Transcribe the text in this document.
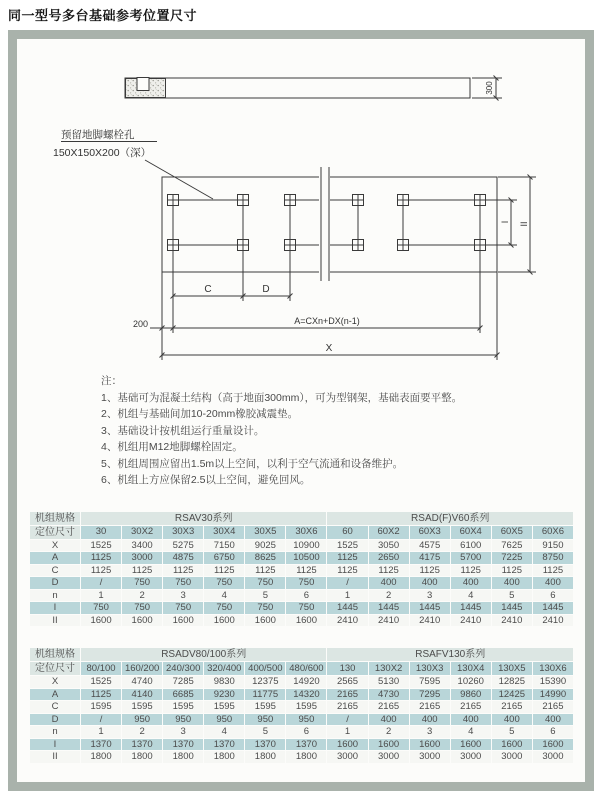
同一型号多台基础参考位置尺寸
300
预留地脚螺栓孔
150X150X200（深）
I II
C	D
200	A=CXn+DX(n-1)
X
注：
1、基础可为混凝土结构（高于地面300mm），可为型钢架，基础表面要平整。
2、机组与基础间加10-20mm橡胶减震垫。
3、基础设计按机组运行重量设计。
4、机组用M12地脚螺栓固定。
5、机组周围应留出1.5m以上空间，以利于空气流通和设备维护。
6、机组上方应保留2.5以上空间，避免回风。
机组规格	RSAV30系列						RSAD(F)V60系列					
定位尺寸	30	30X2	30X3	30X4	30X5	30X6	60	60X2	60X3	60X4	60X5	60X6
X	1525	3400	5275	7150	9025	10900	1525	3050	4575	6100	7625	9150
A	1125	3000	4875	6750	8625	10500	1125	2650	4175	5700	7225	8750
C	1125	1125	1125	1125	1125	1125	1125	1125	1125	1125	1125	1125
D	/	750	750	750	750	750	/	400	400	400	400	400
n	1	2	3	4	5	6	1	2	3	4	5	6
I	750	750	750	750	750	750	1445	1445	1445	1445	1445	1445
II	1600	1600	1600	1600	1600	1600	2410	2410	2410	2410	2410	2410
机组规格	RSADV80/100系列						RSAFV130系列					
定位尺寸	80/100	160/200	240/300	320/400	400/500	480/600	130	130X2	130X3	130X4	130X5	130X6
X	1525	4740	7285	9830	12375	14920	2565	5130	7595	10260	12825	15390
A	1125	4140	6685	9230	11775	14320	2165	4730	7295	9860	12425	14990
C	1595	1595	1595	1595	1595	1595	2165	2165	2165	2165	2165	2165
D	/	950	950	950	950	950	/	400	400	400	400	400
n	1	2	3	4	5	6	1	2	3	4	5	6
I	1370	1370	1370	1370	1370	1370	1600	1600	1600	1600	1600	1600
II	1800	1800	1800	1800	1800	1800	3000	3000	3000	3000	3000	3000
